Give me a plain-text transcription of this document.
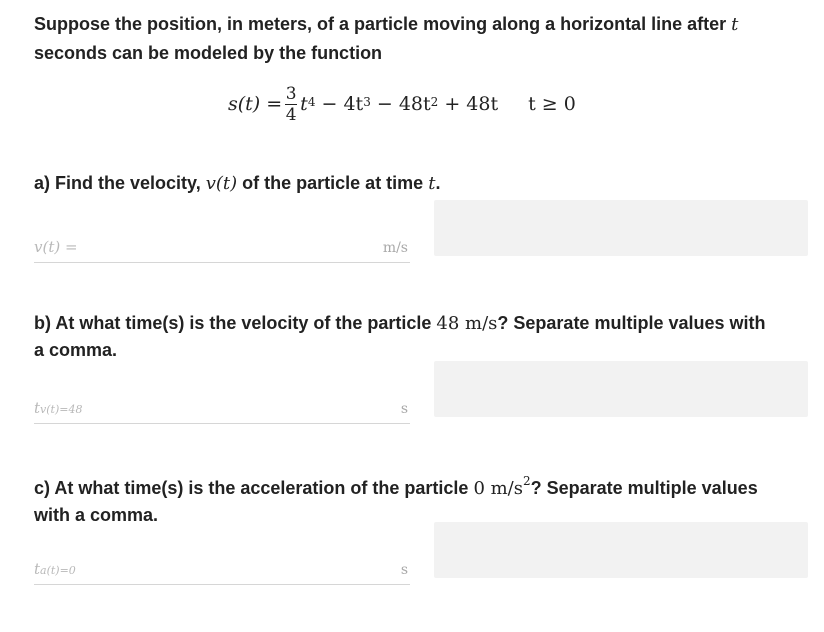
Suppose the position, in meters, of a particle moving along a horizontal line after t
seconds can be modeled by the function
$s(t) = \frac{3}{4} t^4$
− $4t^3$
− $48t^2$
+ 48t t ≥ 0
a) Find the velocity, v(t) of the particle at time t.
v(t) =	m/s
b) At what time(s) is the velocity of the particle 48 m/s? Separate multiple values with
a comma.
tv(t)=48	s
c) At what time(s) is the acceleration of the particle 0 $m/s^2$? Separate multiple values
with a comma.
ta(t)=0	s
